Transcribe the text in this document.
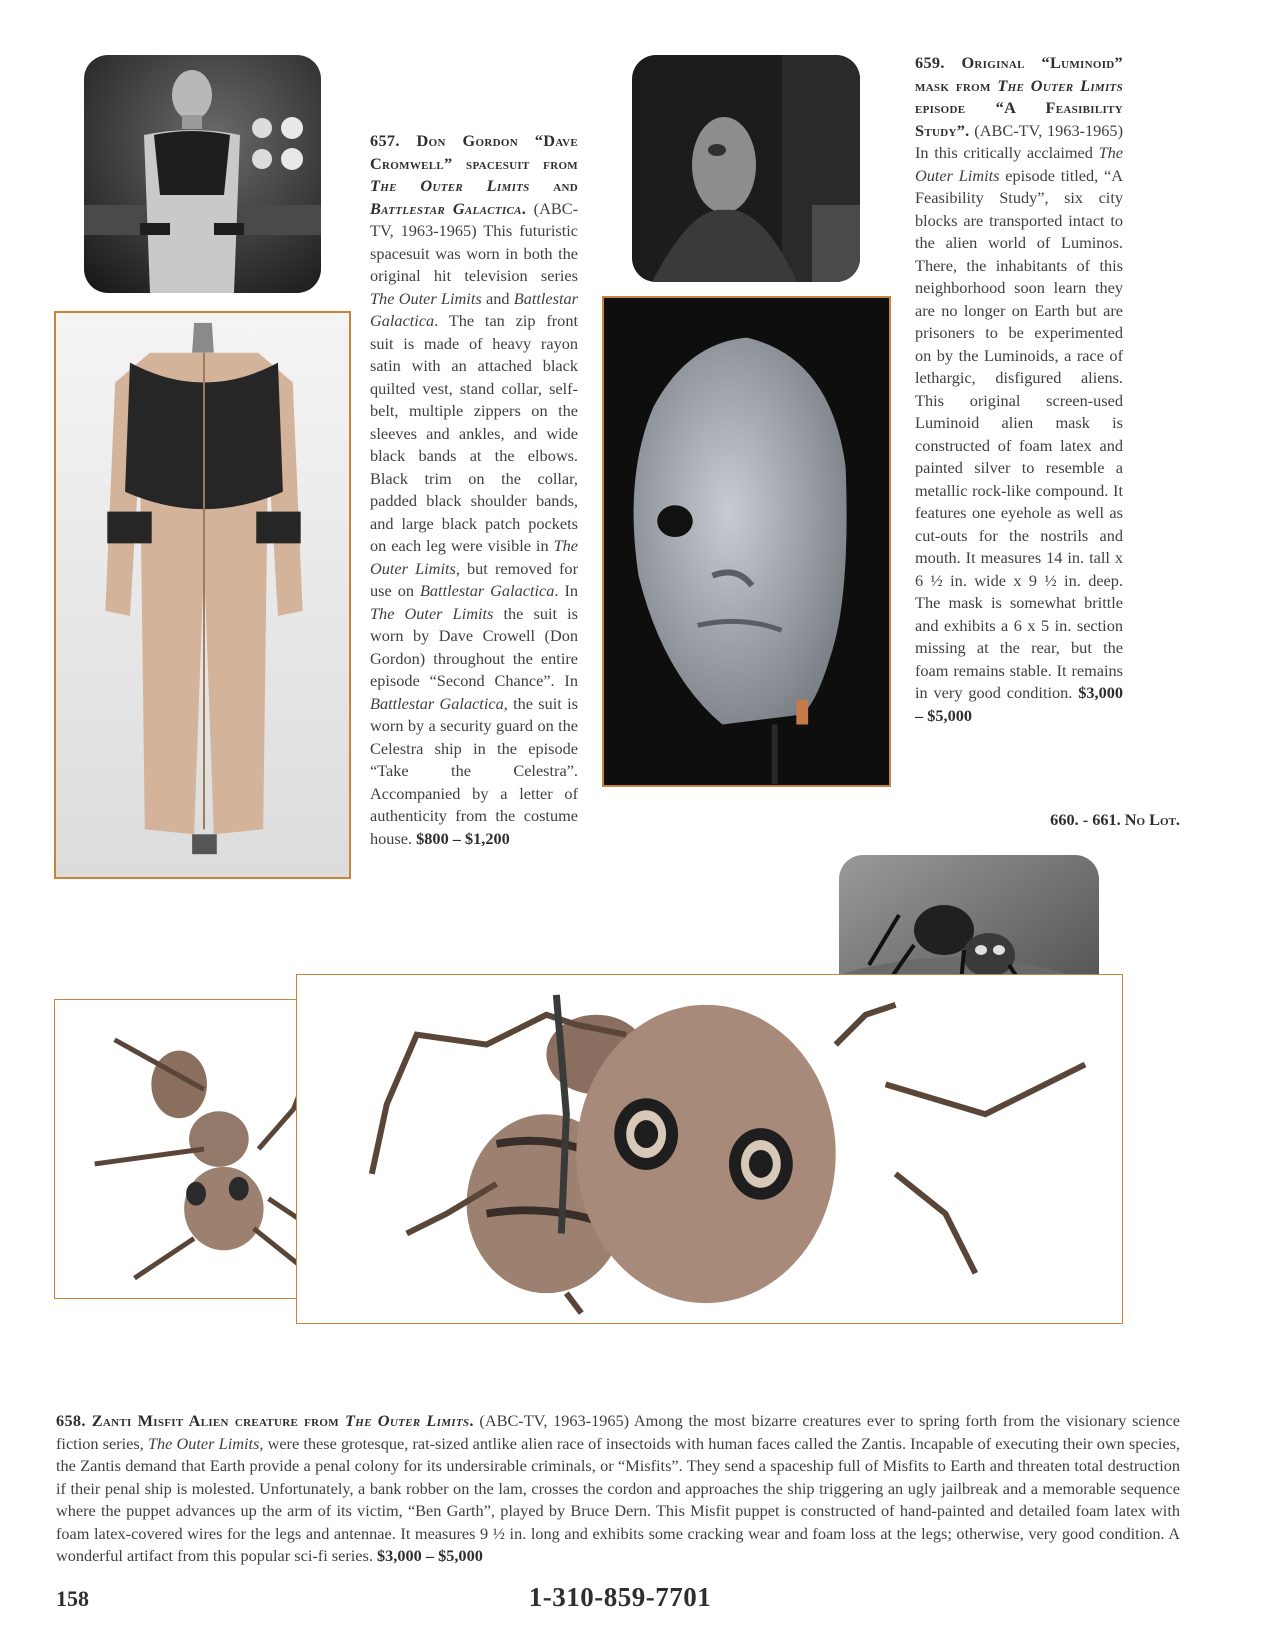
657. Don Gordon “Dave Cromwell” spacesuit from The Outer Limits and Battlestar Galactica. (ABC-TV, 1963-1965) This futuristic spacesuit was worn in both the original hit television series The Outer Limits and Battlestar Galactica. The tan zip front suit is made of heavy rayon satin with an attached black quilted vest, stand collar, self-belt, multiple zippers on the sleeves and ankles, and wide black bands at the elbows. Black trim on the collar, padded black shoulder bands, and large black patch pockets on each leg were visible in The Outer Limits, but removed for use on Battlestar Galactica. In The Outer Limits the suit is worn by Dave Crowell (Don Gordon) throughout the entire episode “Second Chance”. In Battlestar Galactica, the suit is worn by a security guard on the Celestra ship in the episode “Take the Celestra”. Accompanied by a letter of authenticity from the costume house. $800 – $1,200
659. Original “Luminoid” mask from The Outer Limits episode “A Feasibility Study”. (ABC-TV, 1963-1965) In this critically acclaimed The Outer Limits episode titled, “A Feasibility Study”, six city blocks are transported intact to the alien world of Luminos. There, the inhabitants of this neighborhood soon learn they are no longer on Earth but are prisoners to be experimented on by the Luminoids, a race of lethargic, disfigured aliens. This original screen-used Luminoid alien mask is constructed of foam latex and painted silver to resemble a metallic rock-like compound. It features one eyehole as well as cut-outs for the nostrils and mouth. It measures 14 in. tall x 6 ½ in. wide x 9 ½ in. deep. The mask is somewhat brittle and exhibits a 6 x 5 in. section missing at the rear, but the foam remains stable. It remains in very good condition. $3,000 – $5,000
660. - 661. No Lot.
658. Zanti Misfit Alien creature from The Outer Limits. (ABC-TV, 1963-1965) Among the most bizarre creatures ever to spring forth from the visionary science fiction series, The Outer Limits, were these grotesque, rat-sized antlike alien race of insectoids with human faces called the Zantis. Incapable of executing their own species, the Zantis demand that Earth provide a penal colony for its undersirable criminals, or “Misfits”. They send a spaceship full of Misfits to Earth and threaten total destruction if their penal ship is molested. Unfortunately, a bank robber on the lam, crosses the cordon and approaches the ship triggering an ugly jailbreak and a memorable sequence where the puppet advances up the arm of its victim, “Ben Garth”, played by Bruce Dern. This Misfit puppet is constructed of hand-painted and detailed foam latex with foam latex-covered wires for the legs and antennae. It measures 9 ½ in. long and exhibits some cracking wear and foam loss at the legs; otherwise, very good condition. A wonderful artifact from this popular sci-fi series. $3,000 – $5,000
158	1-310-859-7701
